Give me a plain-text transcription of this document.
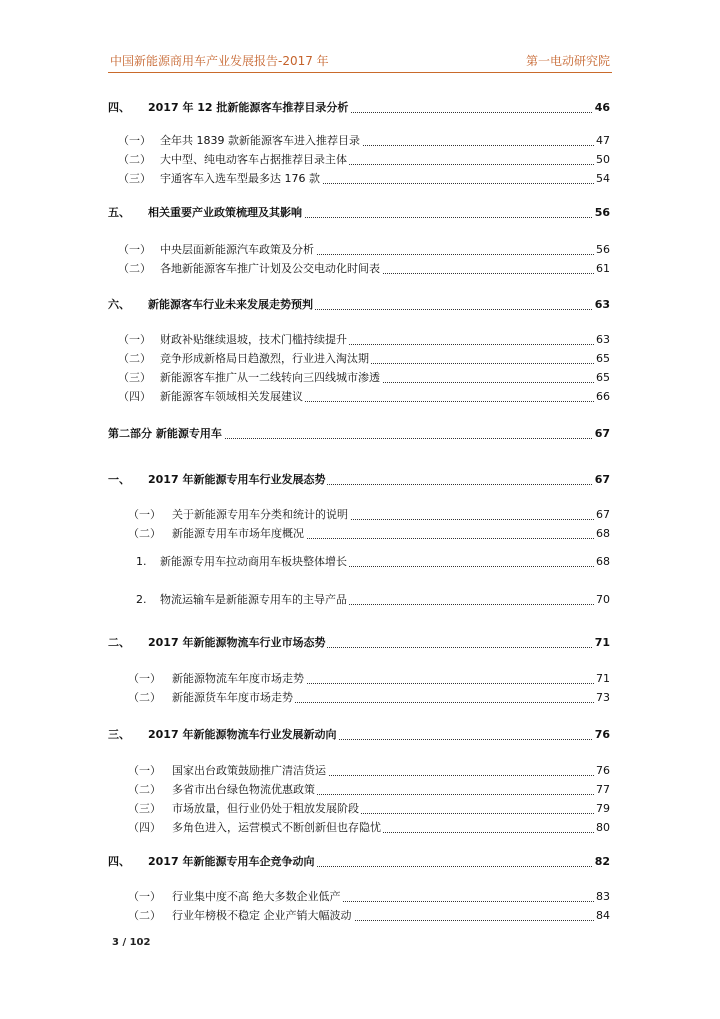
中国新能源商用车产业发展报告-2017 年	第一电动研究院
四、 2017 年 12 批新能源客车推荐目录分析	46
（一） 全年共 1839 款新能源客车进入推荐目录	47
（二） 大中型、纯电动客车占据推荐目录主体	50
（三） 宇通客车入选车型最多达 176 款	54
五、 相关重要产业政策梳理及其影响	56
（一） 中央层面新能源汽车政策及分析	56
（二） 各地新能源客车推广计划及公交电动化时间表	61
六、 新能源客车行业未来发展走势预判	63
（一） 财政补贴继续退坡，技术门槛持续提升	63
（二） 竞争形成新格局日趋激烈，行业进入淘汰期	65
（三） 新能源客车推广从一二线转向三四线城市渗透	65
（四） 新能源客车领域相关发展建议	66
第二部分 新能源专用车	67
一、 2017 年新能源专用车行业发展态势	67
（一） 关于新能源专用车分类和统计的说明	67
（二） 新能源专用车市场年度概况	68
1. 新能源专用车拉动商用车板块整体增长	68
2. 物流运输车是新能源专用车的主导产品	70
二、 2017 年新能源物流车行业市场态势	71
（一） 新能源物流车年度市场走势	71
（二） 新能源货车年度市场走势	73
三、 2017 年新能源物流车行业发展新动向	76
（一） 国家出台政策鼓励推广清洁货运	76
（二） 多省市出台绿色物流优惠政策	77
（三） 市场放量，但行业仍处于粗放发展阶段	79
（四） 多角色进入，运营模式不断创新但也存隐忧	80
四、 2017 年新能源专用车企竞争动向	82
（一） 行业集中度不高 绝大多数企业低产	83
（二） 行业年榜极不稳定 企业产销大幅波动	84
3 / 102
